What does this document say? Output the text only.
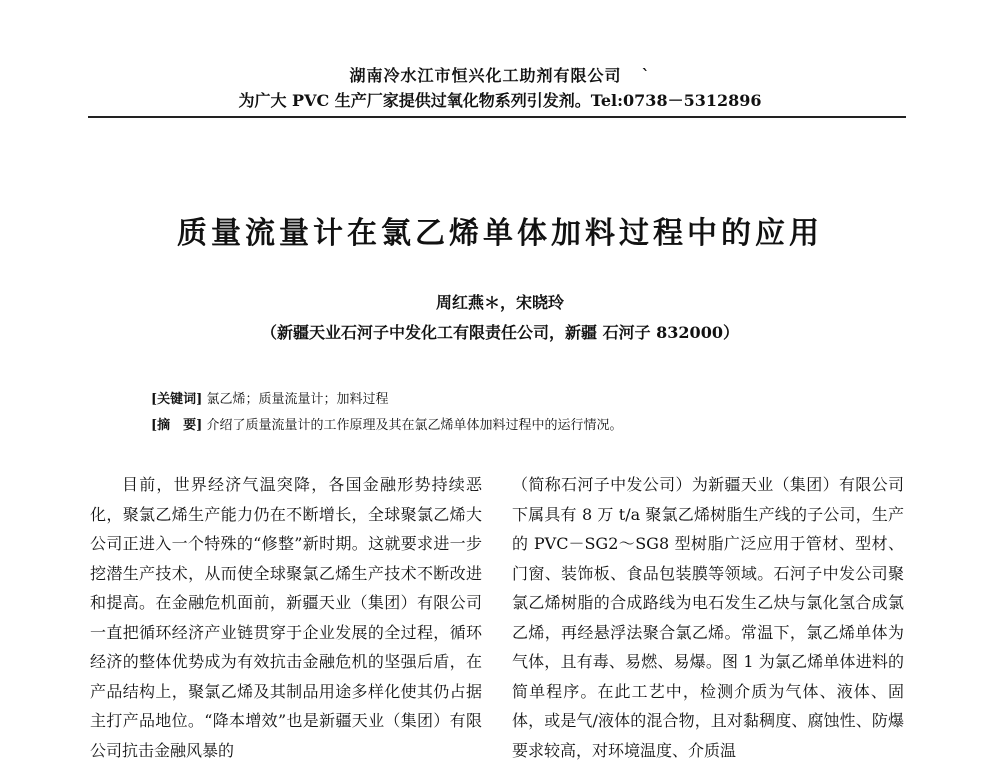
湖南冷水江市恒兴化工助剂有限公司 `
为广大 PVC 生产厂家提供过氧化物系列引发剂。Tel:0738－5312896
质量流量计在氯乙烯单体加料过程中的应用
周红燕＊，宋晓玲
（新疆天业石河子中发化工有限责任公司，新疆 石河子 832000）
[关键词] 氯乙烯；质量流量计；加料过程
[摘　要] 介绍了质量流量计的工作原理及其在氯乙烯单体加料过程中的运行情况。

目前，世界经济气温突降，各国金融形势持续恶化，聚氯乙烯生产能力仍在不断增长，全球聚氯乙烯大公司正进入一个特殊的“修整”新时期。这就要求进一步挖潜生产技术，从而使全球聚氯乙烯生产技术不断改进和提高。在金融危机面前，新疆天业（集团）有限公司一直把循环经济产业链贯穿于企业发展的全过程，循环经济的整体优势成为有效抗击金融危机的坚强后盾，在产品结构上，聚氯乙烯及其制品用途多样化使其仍占据主打产品地位。“降本增效”也是新疆天业（集团）有限公司抗击金融风暴的

（简称石河子中发公司）为新疆天业（集团）有限公司下属具有 8 万 t/a 聚氯乙烯树脂生产线的子公司，生产的 PVC－SG2～SG8 型树脂广泛应用于管材、型材、门窗、装饰板、食品包装膜等领域。石河子中发公司聚氯乙烯树脂的合成路线为电石发生乙炔与氯化氢合成氯乙烯，再经悬浮法聚合氯乙烯。常温下，氯乙烯单体为气体，且有毒、易燃、易爆。图 1 为氯乙烯单体进料的简单程序。在此工艺中，检测介质为气体、液体、固体，或是气/液体的混合物，且对黏稠度、腐蚀性、防爆要求较高，对环境温度、介质温
